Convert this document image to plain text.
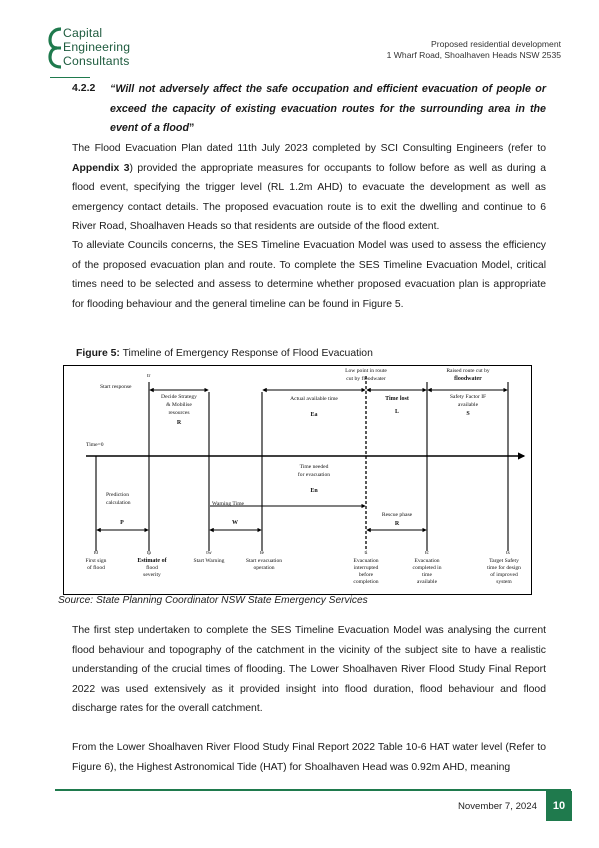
Capital
Engineering
Consultants
Proposed residential development
1 Wharf Road, Shoalhaven Heads NSW 2535
4.2.2 “Will not adversely affect the safe occupation and efficient evacuation of people or exceed the capacity of existing evacuation routes for the surrounding area in the event of a flood”
The Flood Evacuation Plan dated 11th July 2023 completed by SCI Consulting Engineers (refer to Appendix 3) provided the appropriate measures for occupants to follow before as well as during a flood event, specifying the trigger level (RL 1.2m AHD) to evacuate the development as well as emergency contact details. The proposed evacuation route is to exit the dwelling and continue to 6 River Road, Shoalhaven Heads so that residents are outside of the flood extent.
To alleviate Councils concerns, the SES Timeline Evacuation Model was used to assess the efficiency of the proposed evacuation plan and route. To complete the SES Timeline Evacuation Model, critical times need to be selected and assess to determine whether proposed evacuation plan is appropriate for flooding behaviour and the general timeline can be found in Figure 5.
Figure 5: Timeline of Emergency Response of Flood Evacuation
Start response
tr
Decide Strategy
& Mobilise
resources
R
Low point in route
cut by floodwater
Actual available time
Ea
Time lost
L
Raised route cut by
floodwater
Safety Factor IF
available
S
Time=0
Time needed
for evacuation
En
Prediction
calculation
P
Warning Time
W
Rescue phase
R
t0	tp	tw	te	ti	tc	ts
First sign
of flood
Estimate of
flood
severity
Start Warning	Start evacuation
operation
Evacuation
interrupted
before
completion
Evacuation
completed in
time
available
Target Safety
time for design
of improved
system
Source: State Planning Coordinator NSW State Emergency Services
The first step undertaken to complete the SES Timeline Evacuation Model was analysing the current flood behaviour and topography of the catchment in the vicinity of the subject site to have a realistic understanding of the crucial times of flooding. The Lower Shoalhaven River Flood Study Final Report 2022 was used extensively as it provided insight into flood duration, flood behaviour and flood discharge rates for the overall catchment.
From the Lower Shoalhaven River Flood Study Final Report 2022 Table 10-6 HAT water level (Refer to Figure 6), the Highest Astronomical Tide (HAT) for Shoalhaven Head was 0.92m AHD, meaning
November 7, 2024	10
